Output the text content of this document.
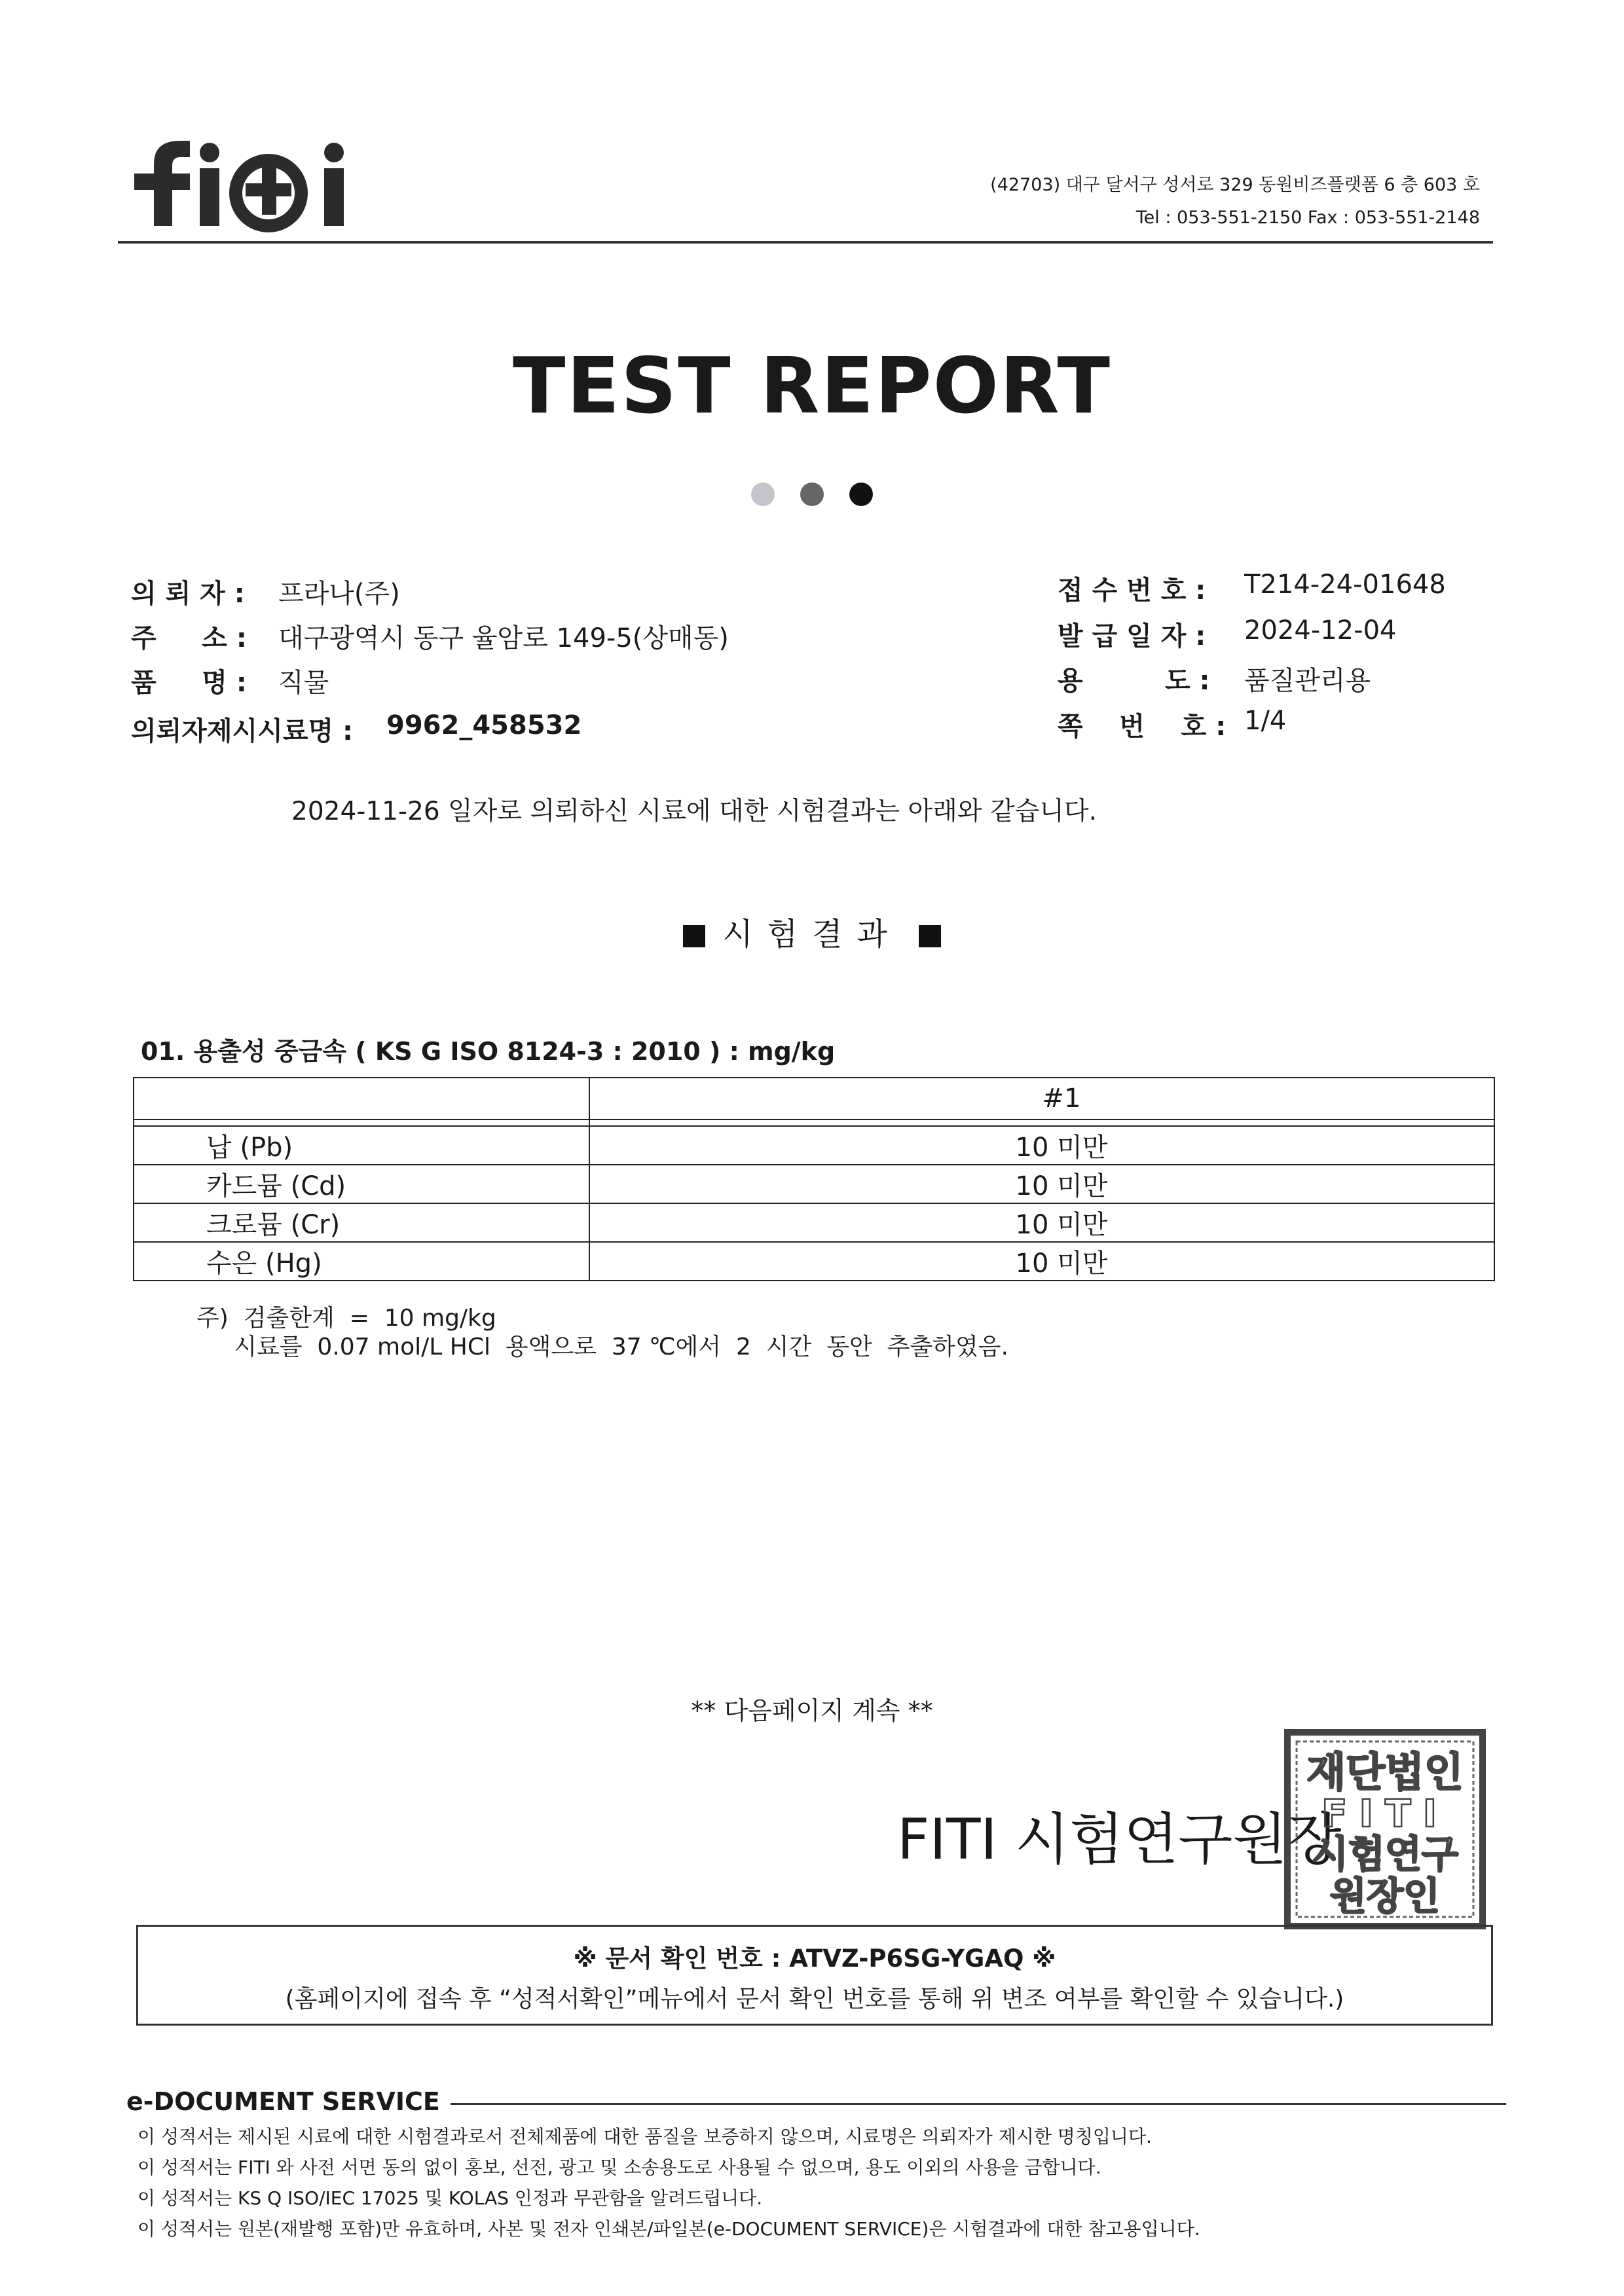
(42703) 대구 달서구 성서로 329 동원비즈플랫폼 6 층 603 호
Tel : 053-551-2150 Fax : 053-551-2148
TEST REPORT
의 뢰 자 : 프라나(주)
주     소 : 대구광역시 동구 율암로 149-5(상매동)
품     명 : 직물
의뢰자제시시료명 : 9962_458532
접 수 번 호 : T214-24-01648
발 급 일 자 : 2024-12-04
용         도 : 품질관리용
쪽    번    호 : 1/4
2024-11-26 일자로 의뢰하신 시료에 대한 시험결과는 아래와 같습니다.
시험결과
01. 용출성 중금속 ( KS G ISO 8124-3 : 2010 ) : mg/kg
	#1

납 (Pb)	10 미만
카드뮴 (Cd)	10 미만
크로뮴 (Cr)	10 미만
수은 (Hg)	10 미만
주)  검출한계  =  10 mg/kg
시료를  0.07 mol/L HCl  용액으로  37 ℃에서  2  시간  동안  추출하였음.
** 다음페이지 계속 **
FITI 시험연구원장
재단법인
FITI
시험연구
원장인
※ 문서 확인 번호 : ATVZ-P6SG-YGAQ ※
(홈페이지에 접속 후 “성적서확인”메뉴에서 문서 확인 번호를 통해 위 변조 여부를 확인할 수 있습니다.)
e-DOCUMENT SERVICE
이 성적서는 제시된 시료에 대한 시험결과로서 전체제품에 대한 품질을 보증하지 않으며, 시료명은 의뢰자가 제시한 명칭입니다.
이 성적서는 FITI 와 사전 서면 동의 없이 홍보, 선전, 광고 및 소송용도로 사용될 수 없으며, 용도 이외의 사용을 금합니다.
이 성적서는 KS Q ISO/IEC 17025 및 KOLAS 인정과 무관함을 알려드립니다.
이 성적서는 원본(재발행 포함)만 유효하며, 사본 및 전자 인쇄본/파일본(e-DOCUMENT SERVICE)은 시험결과에 대한 참고용입니다.
